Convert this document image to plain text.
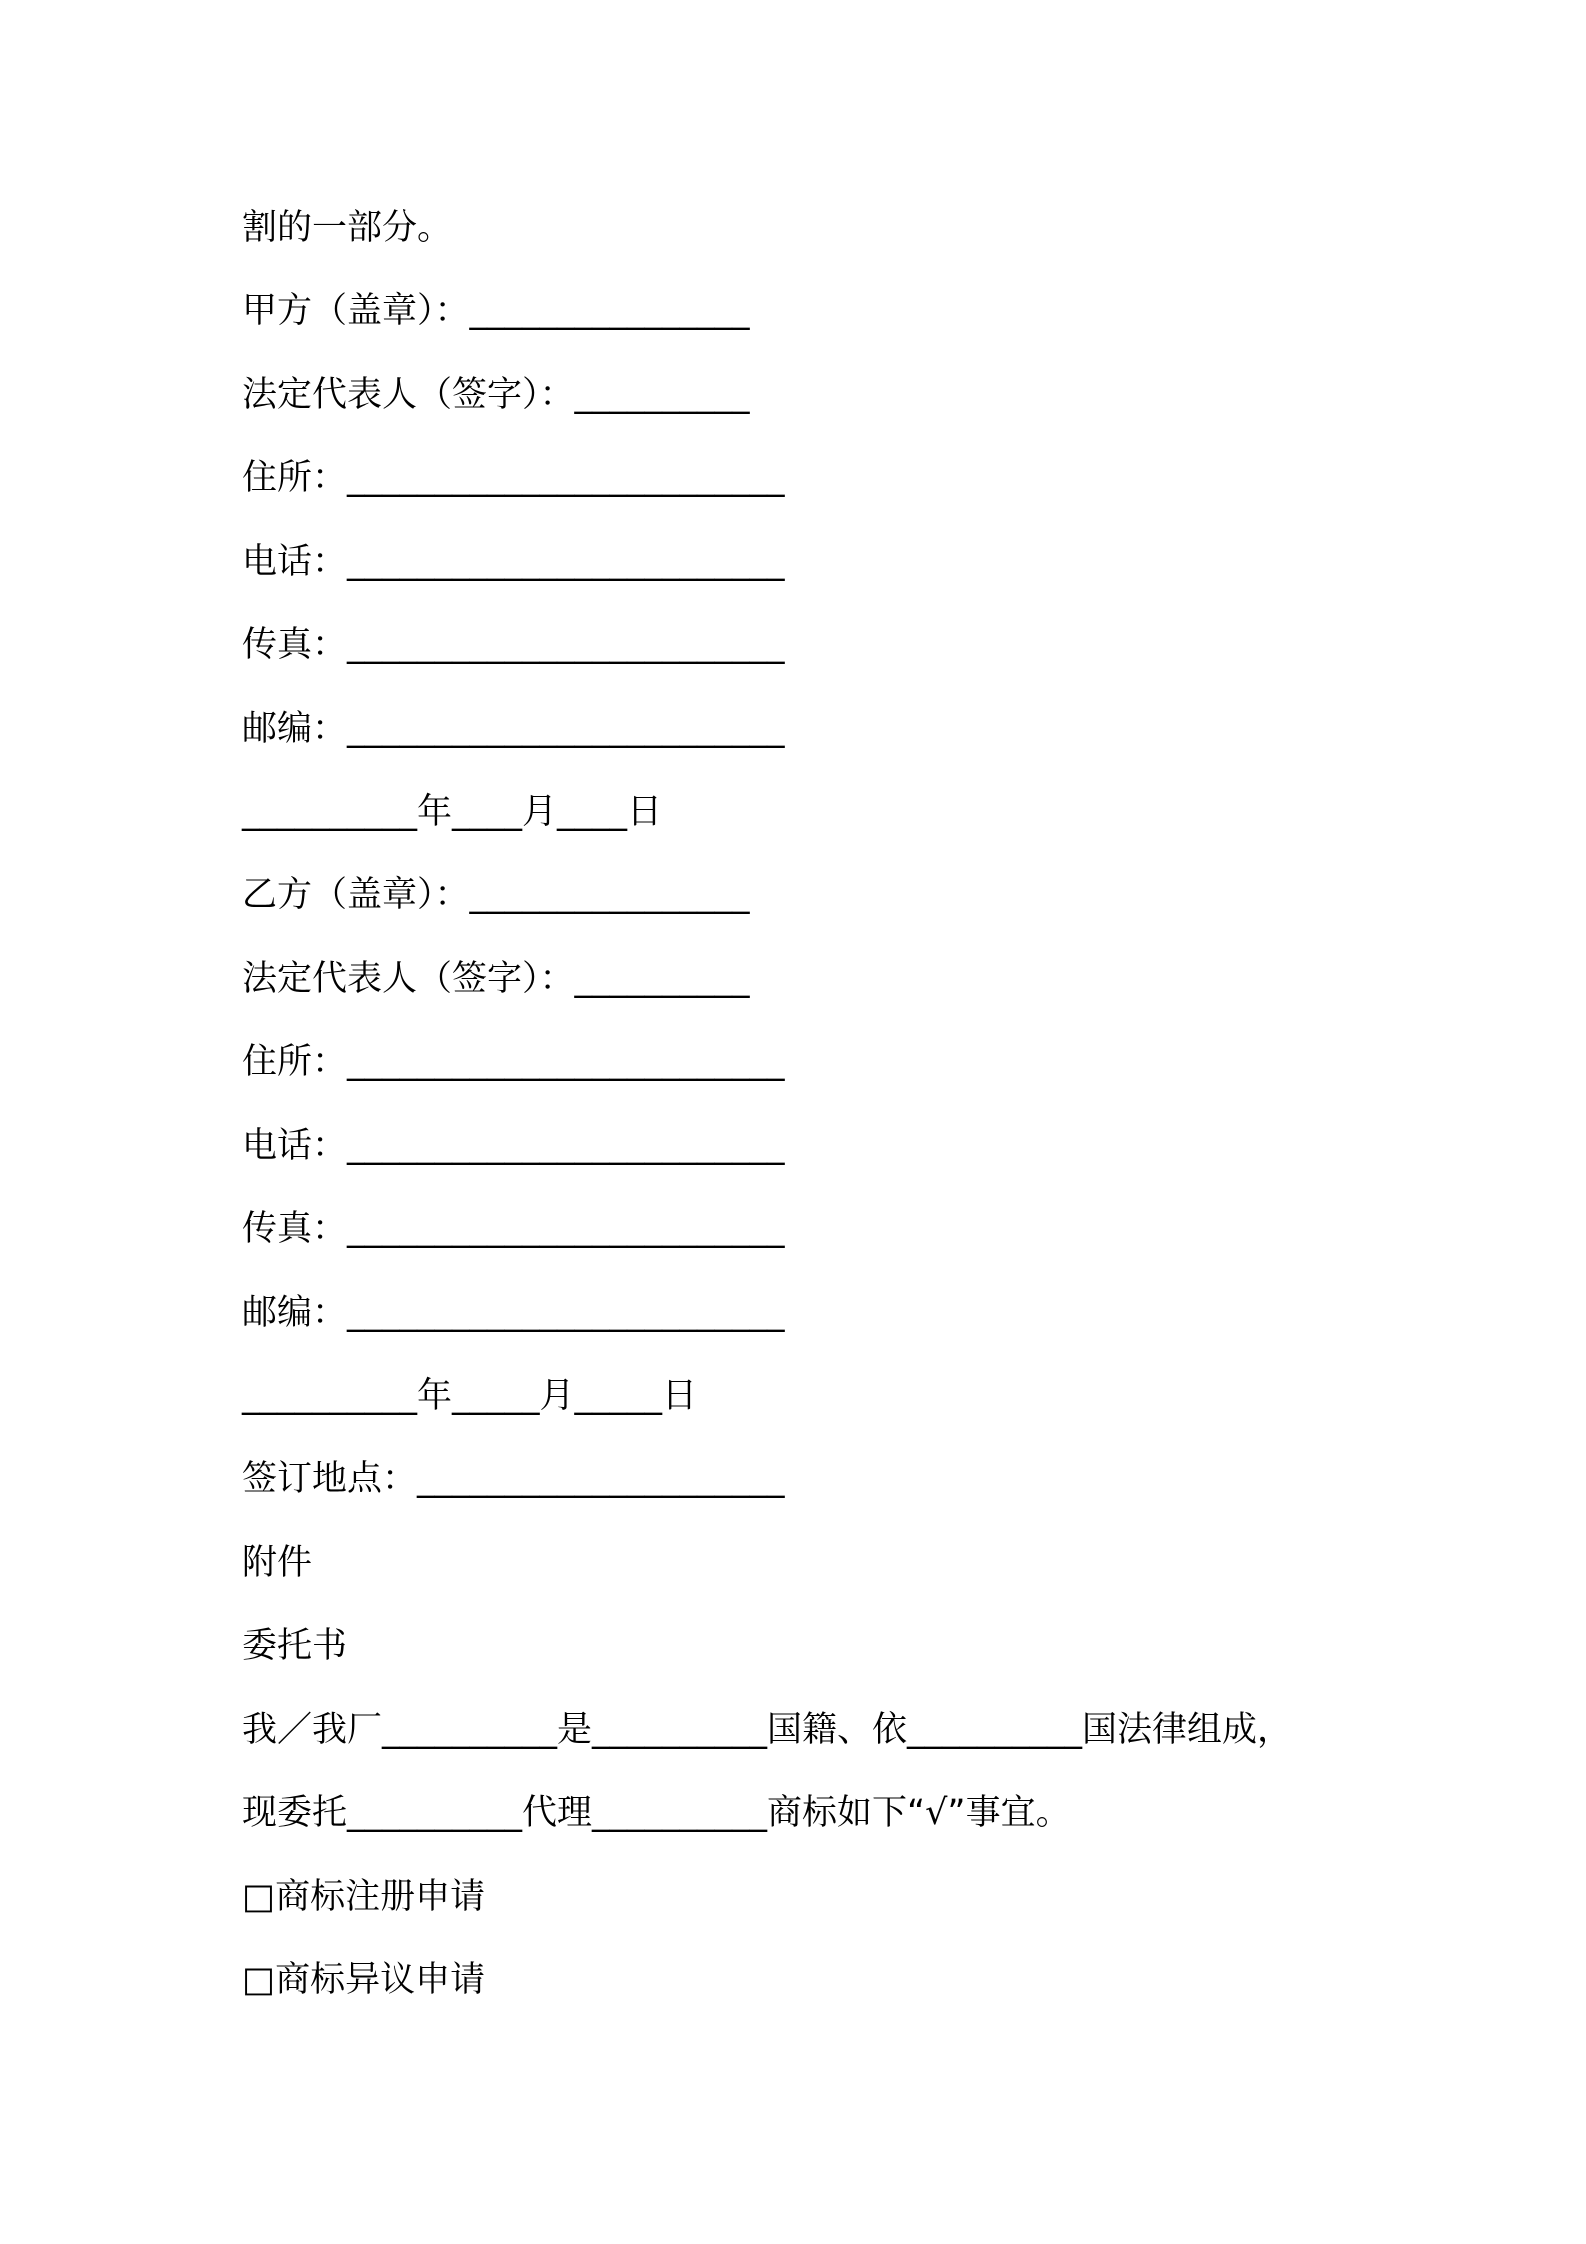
割的一部分。

甲方（盖章）：________________

法定代表人（签字）：__________

住所：_________________________

电话：_________________________

传真：_________________________

邮编：_________________________

__________年____月____日

乙方（盖章）：________________

法定代表人（签字）：__________

住所：_________________________

电话：_________________________

传真：_________________________

邮编：_________________________

__________年_____月_____日

签订地点：_____________________

附件

委托书

我／我厂__________是__________国籍、依__________国法律组成，

现委托__________代理__________商标如下“√”事宜。

□商标注册申请

□商标异议申请
